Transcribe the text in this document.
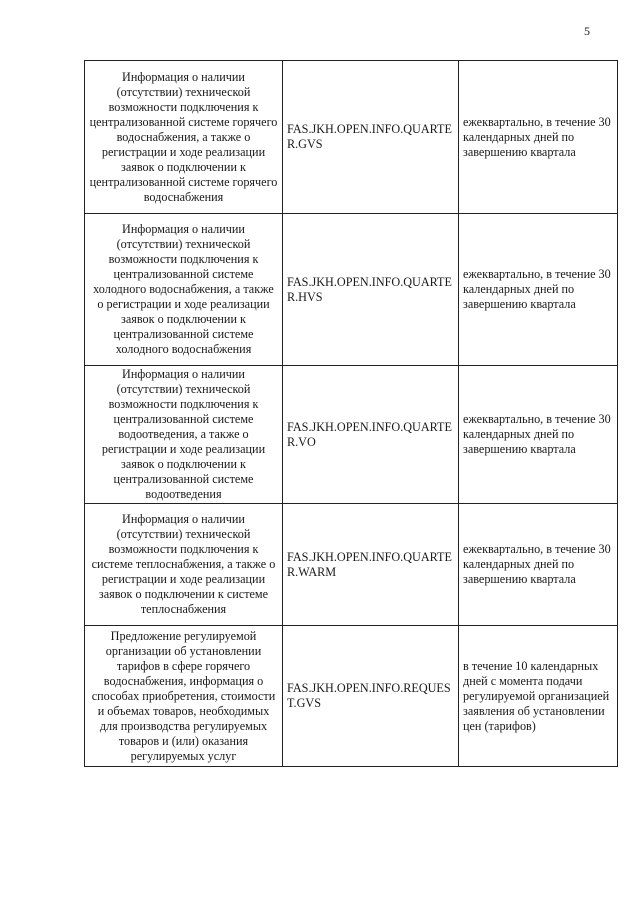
5
Информация о наличии (отсутствии) технической возможности подключения к централизованной системе горячего водоснабжения, а также о регистрации и ходе реализации заявок о подключении к централизованной системе горячего водоснабжения	FAS.JKH.OPEN.INFO.QUARTER.GVS	ежеквартально, в течение 30 календарных дней по завершению квартала
Информация о наличии (отсутствии) технической возможности подключения к централизованной системе холодного водоснабжения, а также о регистрации и ходе реализации заявок о подключении к централизованной системе холодного водоснабжения	FAS.JKH.OPEN.INFO.QUARTER.HVS	ежеквартально, в течение 30 календарных дней по завершению квартала
Информация о наличии (отсутствии) технической возможности подключения к централизованной системе водоотведения, а также о регистрации и ходе реализации заявок о подключении к централизованной системе водоотведения	FAS.JKH.OPEN.INFO.QUARTER.VO	ежеквартально, в течение 30 календарных дней по завершению квартала
Информация о наличии (отсутствии) технической возможности подключения к системе теплоснабжения, а также о регистрации и ходе реализации заявок о подключении к системе теплоснабжения	FAS.JKH.OPEN.INFO.QUARTER.WARM	ежеквартально, в течение 30 календарных дней по завершению квартала
Предложение регулируемой организации об установлении тарифов в сфере горячего водоснабжения, информация о способах приобретения, стоимости и объемах товаров, необходимых для производства регулируемых товаров и (или) оказания регулируемых услуг	FAS.JKH.OPEN.INFO.REQUEST.GVS	в течение 10 календарных дней с момента подачи регулируемой организацией заявления об установлении цен (тарифов)
